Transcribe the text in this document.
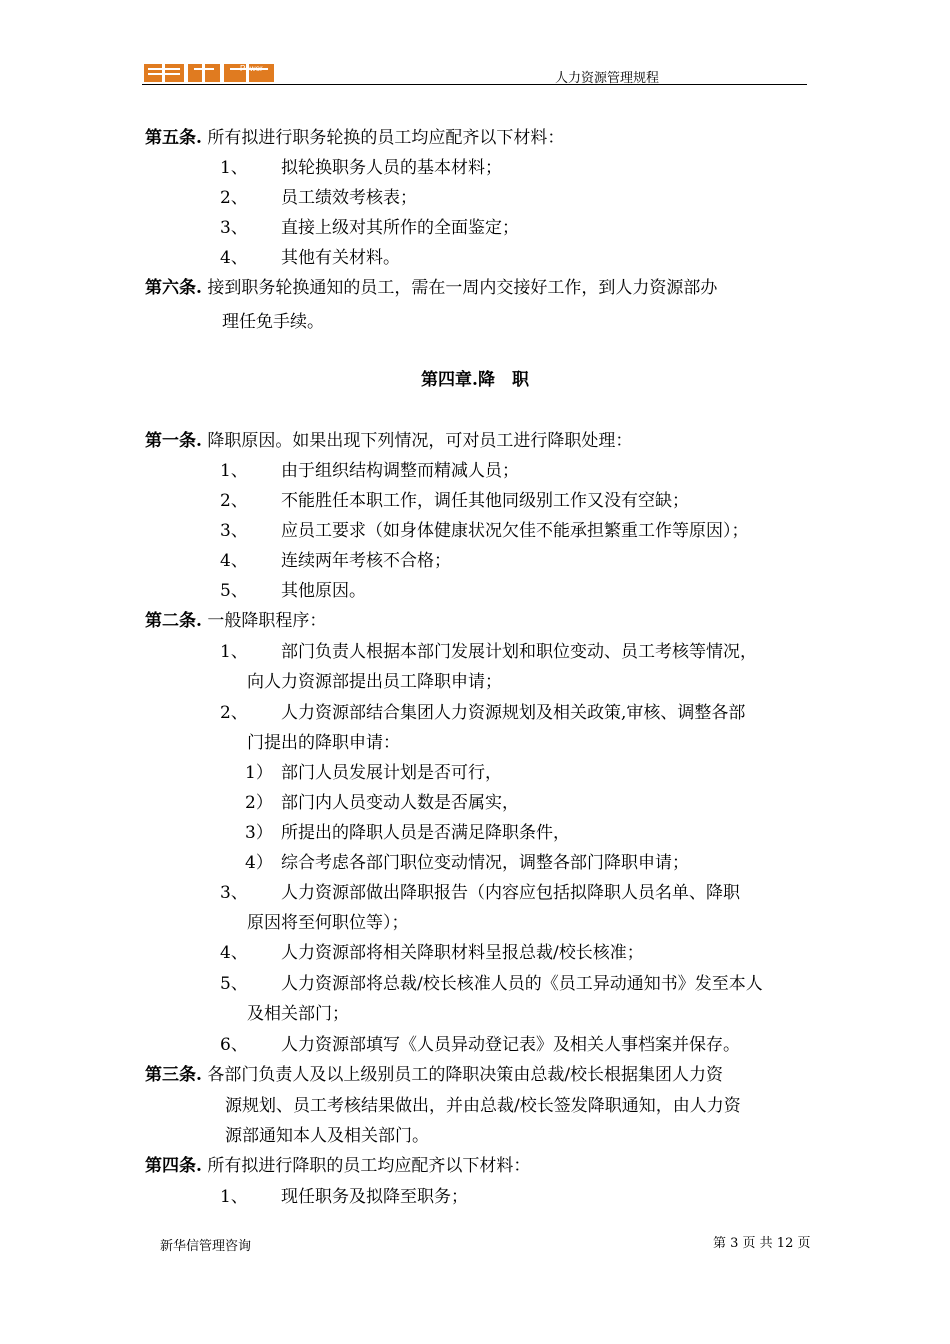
Power
人力资源管理规程
第五条. 所有拟进行职务轮换的员工均应配齐以下材料：
1、 拟轮换职务人员的基本材料；
2、 员工绩效考核表；
3、 直接上级对其所作的全面鉴定；
4、 其他有关材料。
第六条. 接到职务轮换通知的员工，需在一周内交接好工作，到人力资源部办
理任免手续。
第四章.降　职
第一条. 降职原因。如果出现下列情况，可对员工进行降职处理：
1、 由于组织结构调整而精减人员；
2、 不能胜任本职工作，调任其他同级别工作又没有空缺；
3、 应员工要求（如身体健康状况欠佳不能承担繁重工作等原因）；
4、 连续两年考核不合格；
5、 其他原因。
第二条. 一般降职程序：
1、 部门负责人根据本部门发展计划和职位变动、员工考核等情况，
向人力资源部提出员工降职申请；
2、 人力资源部结合集团人力资源规划及相关政策,审核、调整各部
门提出的降职申请：
1） 部门人员发展计划是否可行，
2） 部门内人员变动人数是否属实，
3） 所提出的降职人员是否满足降职条件，
4） 综合考虑各部门职位变动情况，调整各部门降职申请；
3、 人力资源部做出降职报告（内容应包括拟降职人员名单、降职
原因将至何职位等）；
4、 人力资源部将相关降职材料呈报总裁/校长核准；
5、 人力资源部将总裁/校长核准人员的《员工异动通知书》发至本人
及相关部门；
6、 人力资源部填写《人员异动登记表》及相关人事档案并保存。
第三条. 各部门负责人及以上级别员工的降职决策由总裁/校长根据集团人力资
源规划、员工考核结果做出，并由总裁/校长签发降职通知，由人力资
源部通知本人及相关部门。
第四条. 所有拟进行降职的员工均应配齐以下材料：
1、 现任职务及拟降至职务；
新华信管理咨询	第 3 页 共 12 页
